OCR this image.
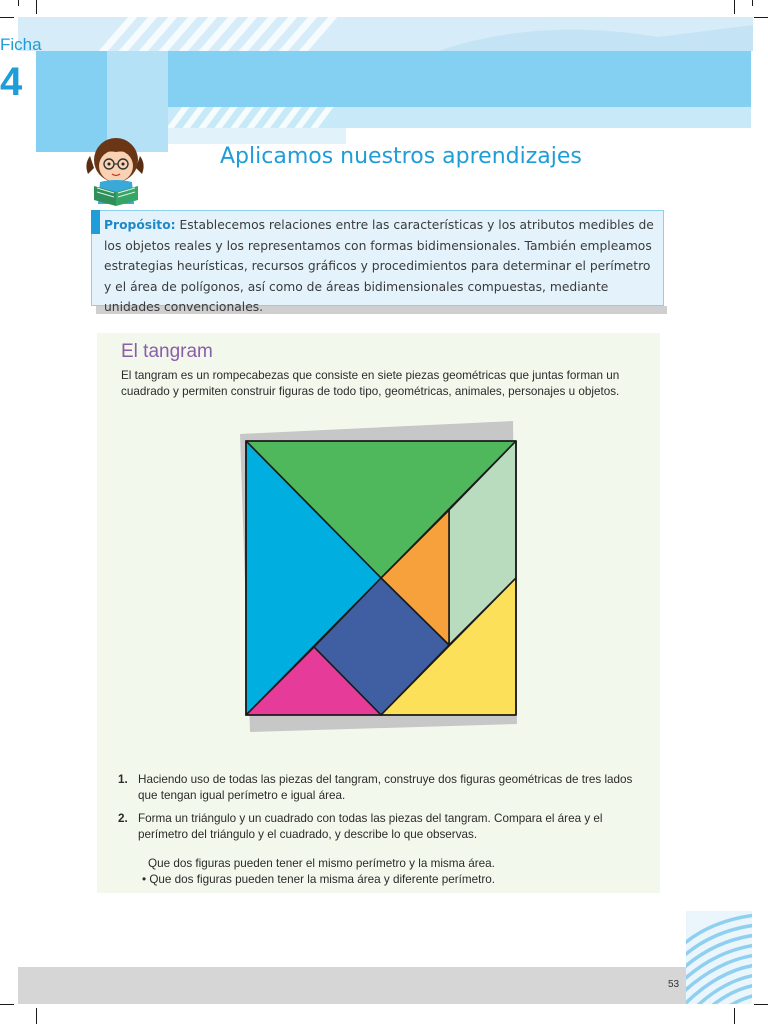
Ficha
4
Aplicamos nuestros aprendizajes
Propósito: Establecemos relaciones entre las características y los atributos medibles de los objetos reales y los representamos con formas bidimensionales. También empleamos estrategias heurísticas, recursos gráficos y procedimientos para determinar el perímetro y el área de polígonos, así como de áreas bidimensionales compuestas, mediante unidades convencionales.
El tangram
El tangram es un rompecabezas que consiste en siete piezas geométricas que juntas forman un cuadrado y permiten construir figuras de todo tipo, geométricas, animales, personajes u objetos.
1. Haciendo uso de todas las piezas del tangram, construye dos figuras geométricas de tres lados que tengan igual perímetro e igual área.
2. Forma un triángulo y un cuadrado con todas las piezas del tangram. Compara el área y el perímetro del triángulo y el cuadrado, y describe lo que observas.
Que dos figuras pueden tener el mismo perímetro y la misma área.
• Que dos figuras pueden tener la misma área y diferente perímetro.
53
